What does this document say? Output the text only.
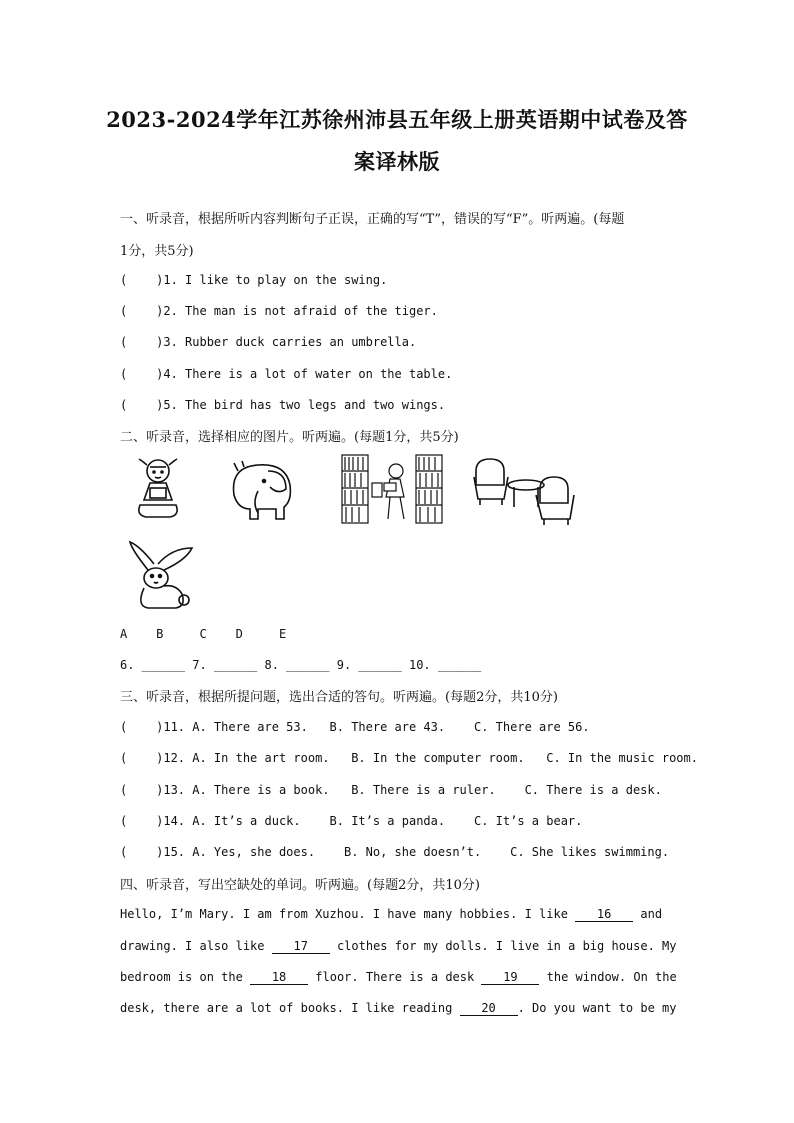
2023-2024学年江苏徐州沛县五年级上册英语期中试卷及答
案译林版
一、听录音，根据所听内容判断句子正误，正确的写“T”，错误的写“F”。听两遍。(每题
1分，共5分)
(    )1. I like to play on the swing.
(    )2. The man is not afraid of the tiger.
(    )3. Rubber duck carries an umbrella.
(    )4. There is a lot of water on the table.
(    )5. The bird has two legs and two wings.
二、听录音，选择相应的图片。听两遍。(每题1分，共5分)
A    B     C    D     E
6. ______ 7. ______ 8. ______ 9. ______ 10. ______
三、听录音，根据所提问题，选出合适的答句。听两遍。(每题2分，共10分)
(    )11. A. There are 53.   B. There are 43.    C. There are 56.
(    )12. A. In the art room.   B. In the computer room.   C. In the music room.
(    )13. A. There is a book.   B. There is a ruler.    C. There is a desk.
(    )14. A. It’s a duck.    B. It’s a panda.    C. It’s a bear.
(    )15. A. Yes, she does.    B. No, she doesn’t.    C. She likes swimming.
四、听录音，写出空缺处的单词。听两遍。(每题2分，共10分)
Hello, I’m Mary. I am from Xuzhou. I have many hobbies. I like 16 and
drawing. I also like 17 clothes for my dolls. I live in a big house. My
bedroom is on the 18 floor. There is a desk 19 the window. On the
desk, there are a lot of books. I like reading 20 . Do you want to be my
